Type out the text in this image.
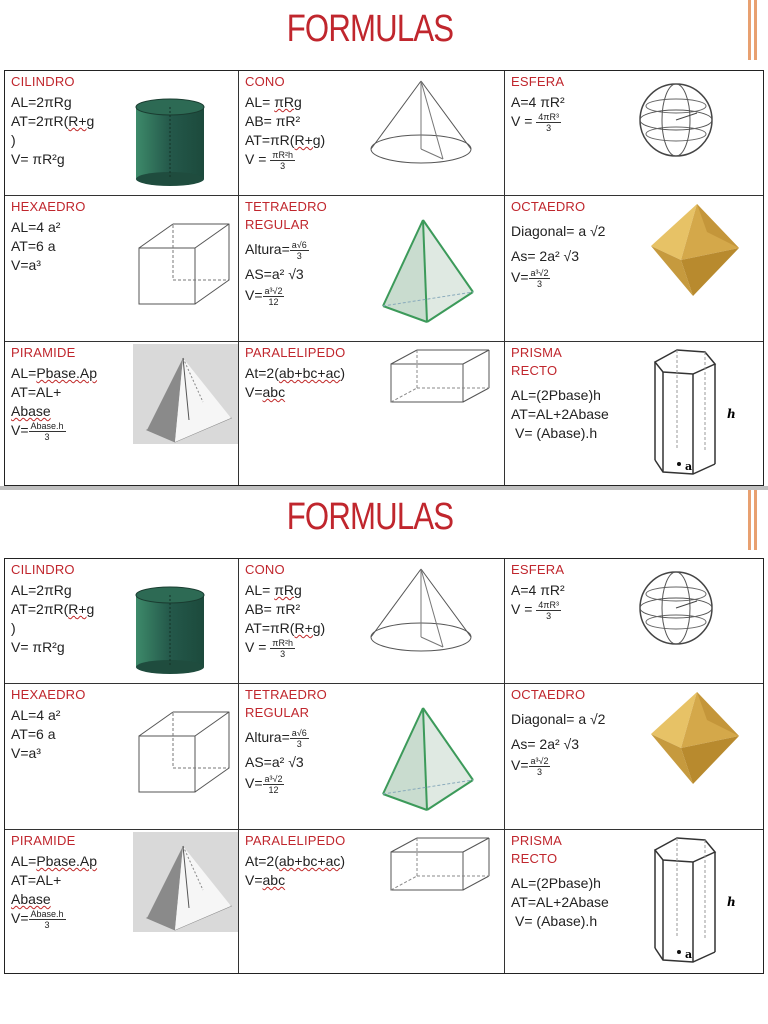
FORMULAS
CILINDRO
AL=2πRg
AT=2πR(R+g
)
V= πR²g
CONO
AL= πRg
AB= πR²
AT=πR(R+g)
$V = \frac{\text{πR²h}}{3}$
ESFERA
A=4 πR²
$V = \frac{\text{4πR³}}{3}$
HEXAEDRO
AL=4 a²
AT=6 a
V=a³
TETRAEDRO
REGULAR
Altura= $\frac{a√6}{3}$
AS=a² √3
$V= \frac{\text{a³√2}}{12}$
OCTAEDRO
Diagonal= a √2
As= 2a² √3
$V= \frac{\text{a³√2}}{3}$
PIRAMIDE
AL=Pbase.Ap
AT=AL+
Abase
$V= \frac{\text{Abase.h}}{3}$
PARALELIPEDO
At=2(ab+bc+ac)
V=abc
PRISMA
RECTO
AL=(2Pbase)h
AT=AL+2Abase
V= (Abase).h
h
a
FORMULAS
CILINDRO
AL=2πRg
AT=2πR(R+g
)
V= πR²g
CONO
AL= πRg
AB= πR²
AT=πR(R+g)
$V = \frac{\text{πR²h}}{3}$
ESFERA
A=4 πR²
$V = \frac{\text{4πR³}}{3}$
HEXAEDRO
AL=4 a²
AT=6 a
V=a³
TETRAEDRO
REGULAR
Altura= $\frac{a√6}{3}$
AS=a² √3
$V= \frac{\text{a³√2}}{12}$
OCTAEDRO
Diagonal= a √2
As= 2a² √3
$V= \frac{\text{a³√2}}{3}$
PIRAMIDE
AL=Pbase.Ap
AT=AL+
Abase
$V= \frac{\text{Abase.h}}{3}$
PARALELIPEDO
At=2(ab+bc+ac)
V=abc
PRISMA
RECTO
AL=(2Pbase)h
AT=AL+2Abase
V= (Abase).h
h
a
